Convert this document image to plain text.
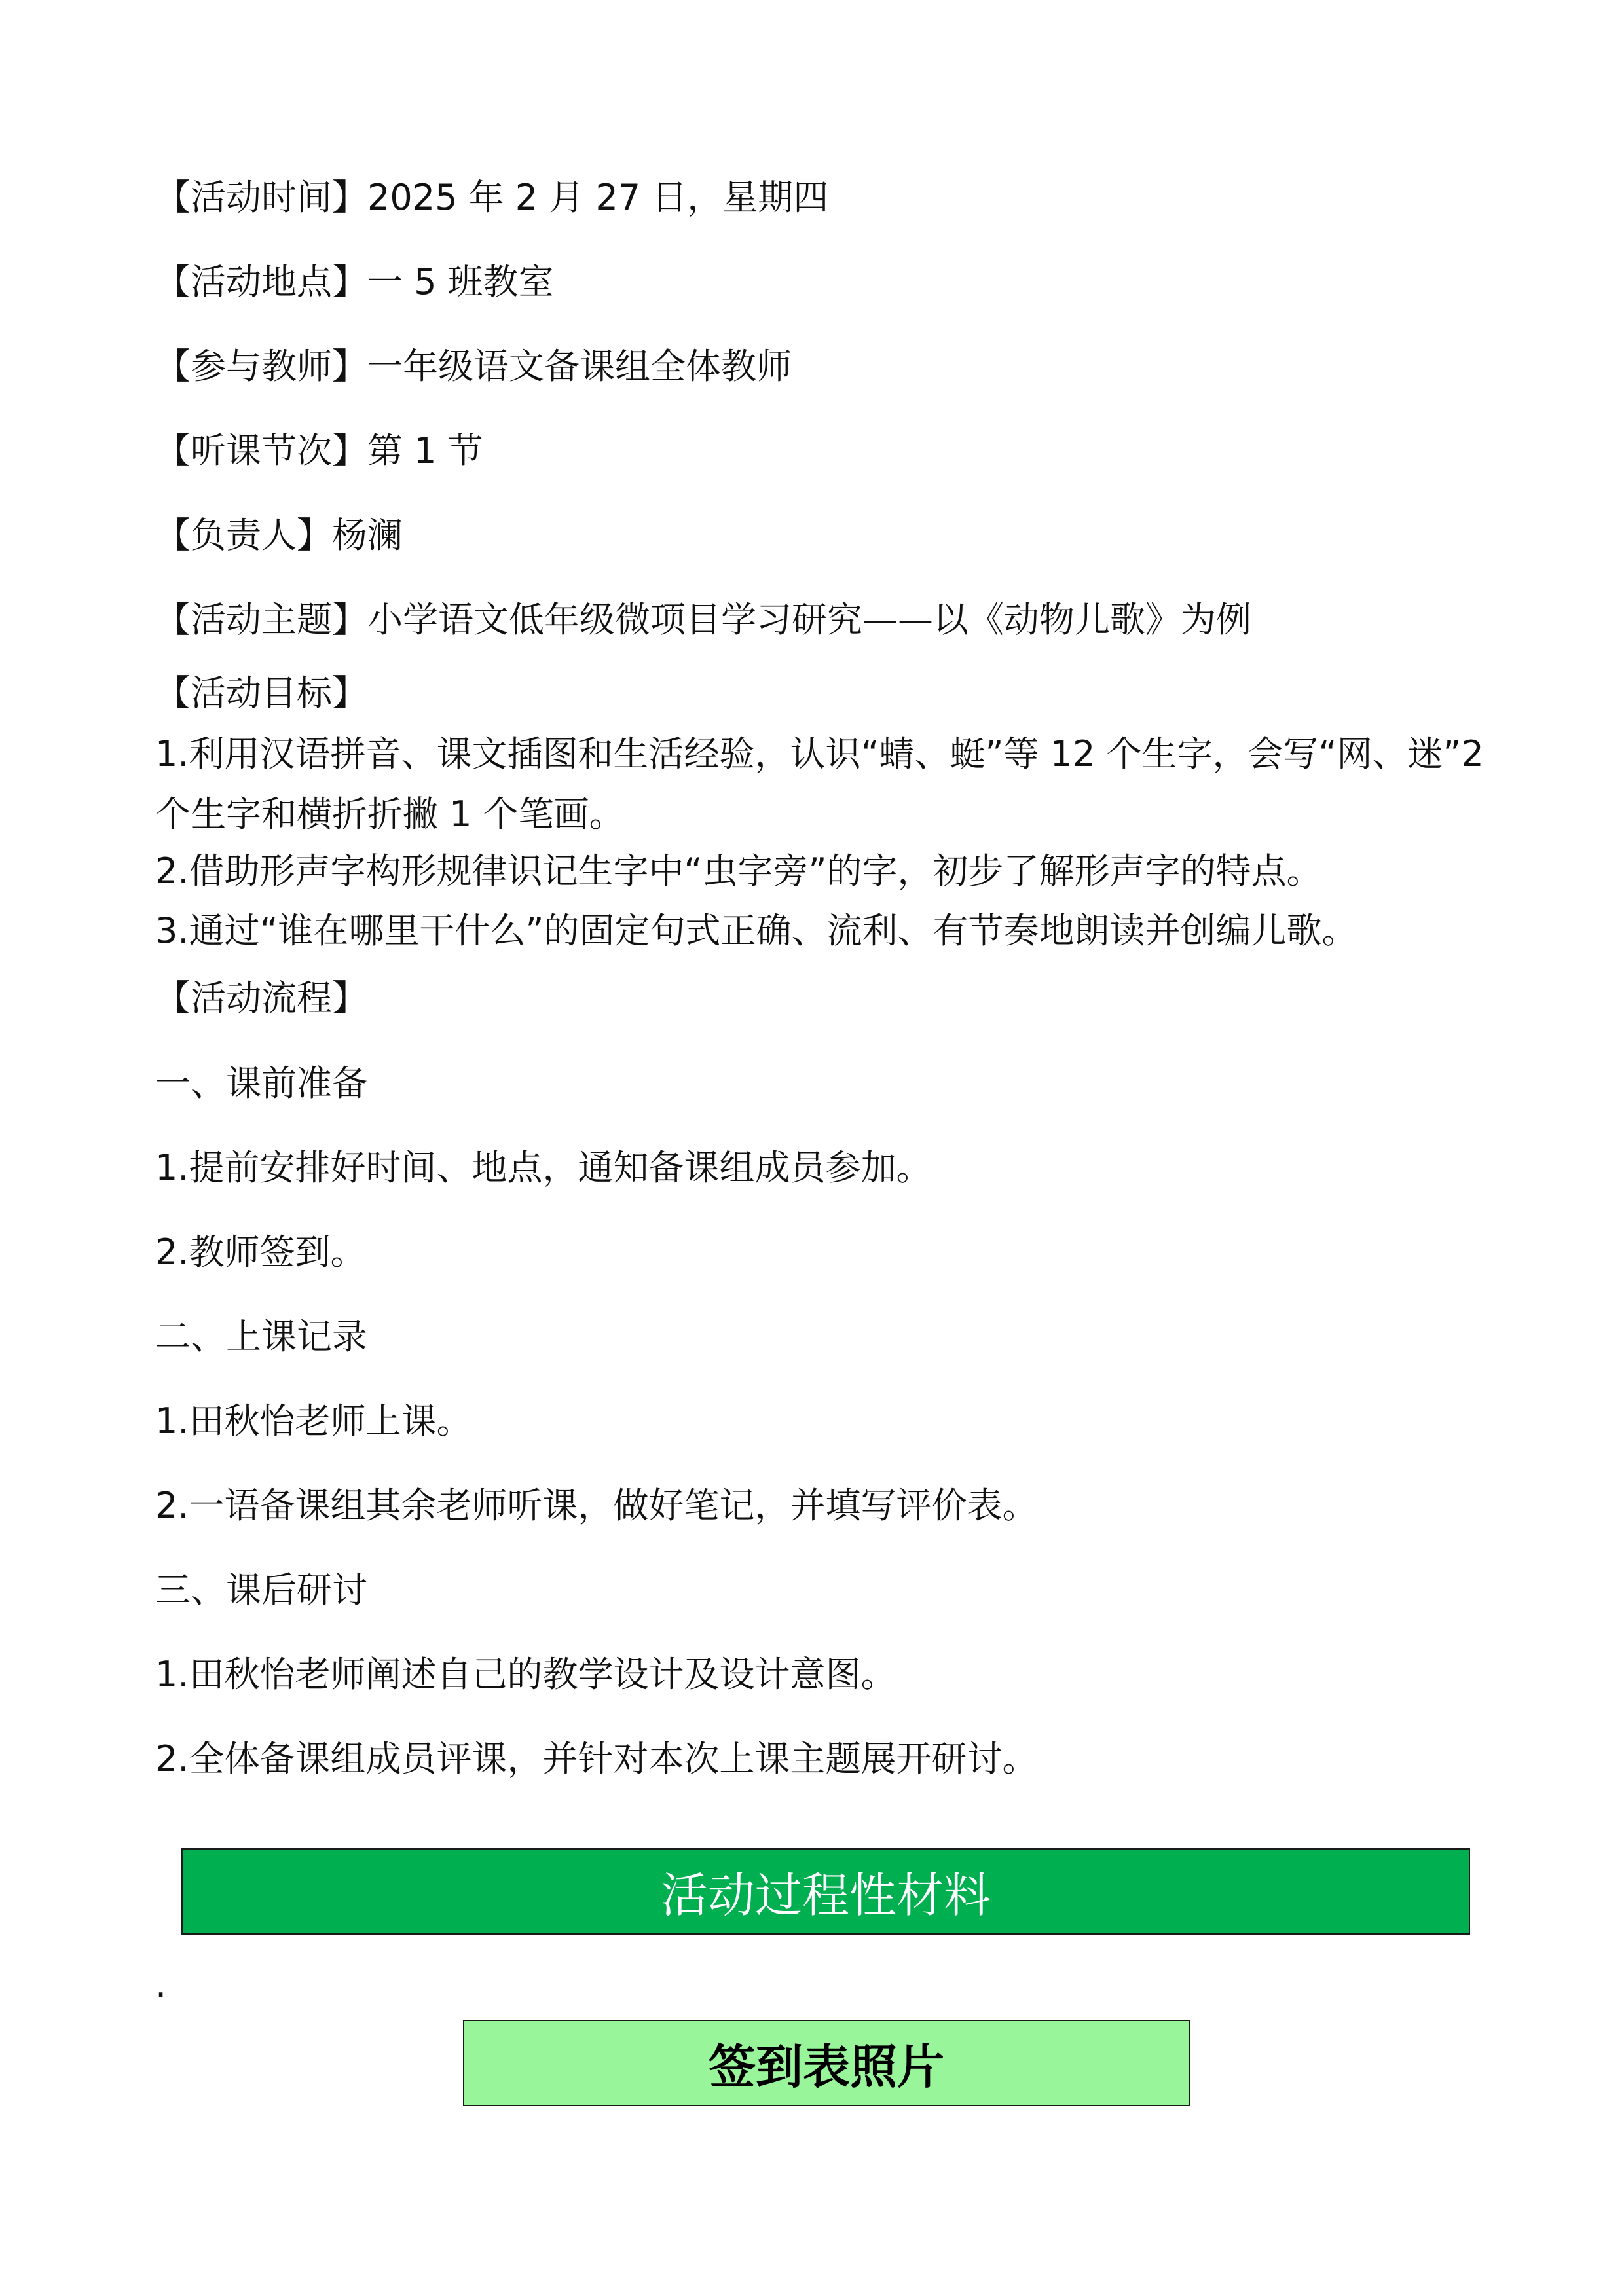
【活动时间】2025 年 2 月 27 日，星期四
【活动地点】一 5 班教室
【参与教师】一年级语文备课组全体教师
【听课节次】第 1 节
【负责人】杨澜
【活动主题】小学语文低年级微项目学习研究——以《动物儿歌》为例
【活动目标】
1.利用汉语拼音、课文插图和生活经验，认识“蜻、蜓”等 12 个生字，会写“网、迷”2 个生字和横折折撇 1 个笔画。
2.借助形声字构形规律识记生字中“虫字旁”的字，初步了解形声字的特点。
3.通过“谁在哪里干什么”的固定句式正确、流利、有节奏地朗读并创编儿歌。
【活动流程】
一、课前准备
1.提前安排好时间、地点，通知备课组成员参加。
2.教师签到。
二、上课记录
1.田秋怡老师上课。
2.一语备课组其余老师听课，做好笔记，并填写评价表。
三、课后研讨
1.田秋怡老师阐述自己的教学设计及设计意图。
2.全体备课组成员评课，并针对本次上课主题展开研讨。
活动过程性材料
.
签到表照片
